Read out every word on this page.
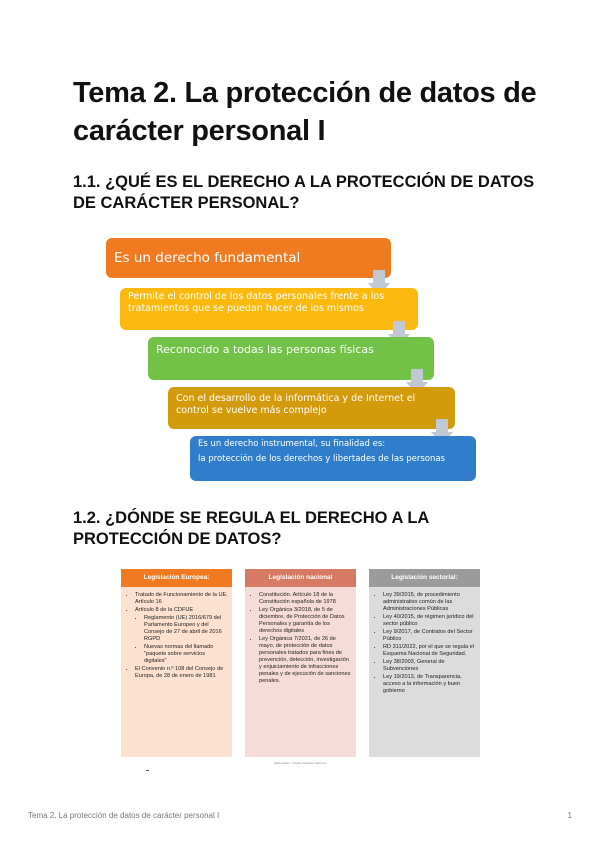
Tema 2. La protección de datos de carácter personal I
1.1. ¿QUÉ ES EL DERECHO A LA PROTECCIÓN DE DATOS DE CARÁCTER PERSONAL?
Es un derecho fundamental
Permite el control de los datos personales frente a los tratamientos que se puedan hacer de los mismos
Reconocido a todas las personas físicas
Con el desarrollo de la informática y de Internet el control se vuelve más complejo
Es un derecho instrumental, su finalidad es:
la protección de los derechos y libertades de las personas
1.2. ¿DÓNDE SE REGULA EL DERECHO A LA PROTECCIÓN DE DATOS?
Legislación Europea:
• Tratado de Funcionamiento de la UE. Artículo 16
• Artículo 8 de la CDFUE
• Reglamento (UE) 2016/679 del Parlamento Europeo y del Consejo de 27 de abril de 2016 RGPD
• Nuevas normas del llamado "paquete sobre servicios digitales"
• El Convenio n.º 108 del Consejo de Europa, de 28 de enero de 1981
Legislación nacional
• Constitución. Artículo 18 de la Constitución española de 1978
• Ley Orgánica 3/2018, de 5 de diciembre, de Protección de Datos Personales y garantía de los derechos digitales
• Ley Orgánica 7/2021, de 26 de mayo, de protección de datos personales tratados para fines de prevención, detección, investigación y enjuiciamiento de infracciones penales y de ejecución de sanciones penales.
Legislación sectorial:
• Ley 39/2015, de procedimiento administrativo común de las Administraciones Públicas
• Ley 40/2015, de régimen jurídico del sector público
• Ley 9/2017, de Contratos del Sector Público
• RD 311/2022, por el que se regula el Esquema Nacional de Seguridad.
• Ley 38/2003, General de Subvenciones
• Ley 19/2013, de Transparencia, acceso a la información y buen gobierno
Elaboración: Cristina Sánchez Martínez
Tema 2. La protección de datos de carácter personal I	1
